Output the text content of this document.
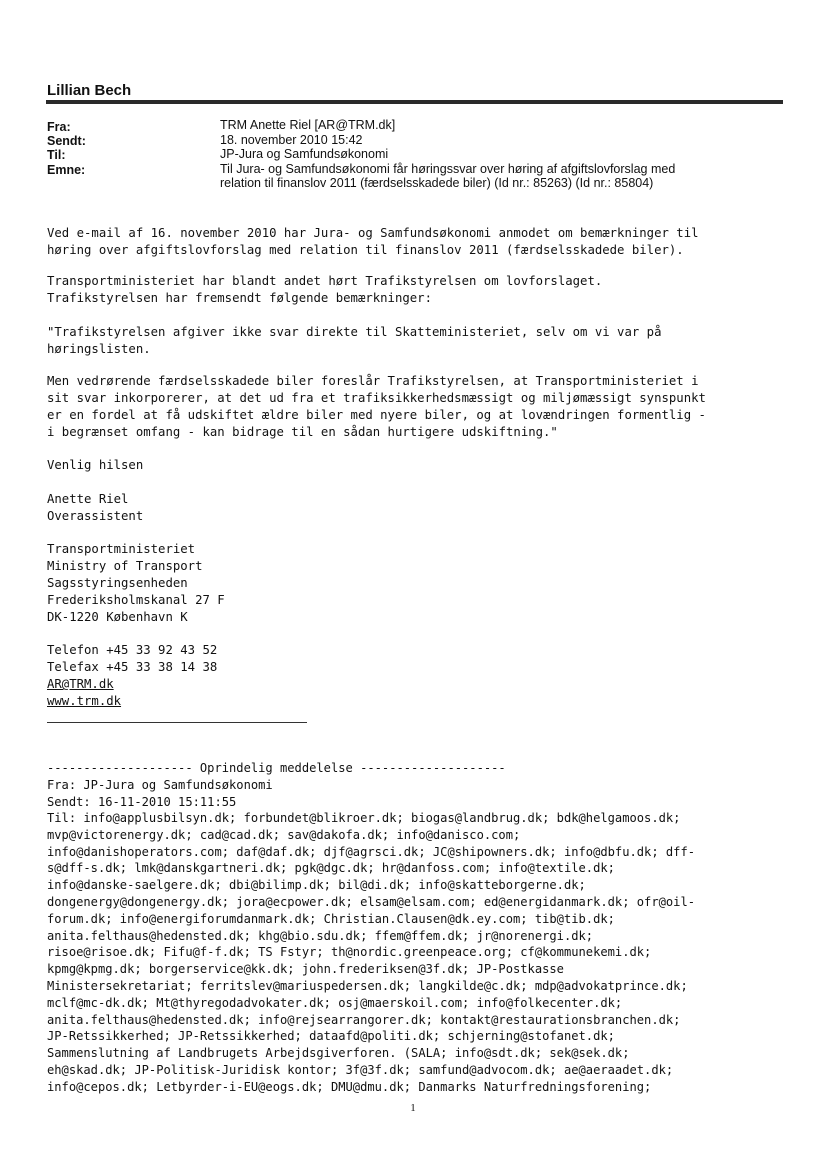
Lillian Bech
Fra:
Sendt:
Til:
Emne:
TRM Anette Riel [AR@TRM.dk]
18. november 2010 15:42
JP-Jura og Samfundsøkonomi
Til Jura- og Samfundsøkonomi får høringssvar over høring af afgiftslovforslag med
relation til finanslov 2011 (færdselsskadede biler) (Id nr.: 85263) (Id nr.: 85804)
Ved e-mail af 16. november 2010 har Jura- og Samfundsøkonomi anmodet om bemærkninger til
høring over afgiftslovforslag med relation til finanslov 2011 (færdselsskadede biler).
Transportministeriet har blandt andet hørt Trafikstyrelsen om lovforslaget.
Trafikstyrelsen har fremsendt følgende bemærkninger:
"Trafikstyrelsen afgiver ikke svar direkte til Skatteministeriet, selv om vi var på
høringslisten.
Men vedrørende færdselsskadede biler foreslår Trafikstyrelsen, at Transportministeriet i
sit svar inkorporerer, at det ud fra et trafiksikkerhedsmæssigt og miljømæssigt synspunkt
er en fordel at få udskiftet ældre biler med nyere biler, og at lovændringen formentlig -
i begrænset omfang - kan bidrage til en sådan hurtigere udskiftning."
Venlig hilsen
Anette Riel
Overassistent
Transportministeriet
Ministry of Transport
Sagsstyringsenheden
Frederiksholmskanal 27 F
DK-1220 København K
Telefon +45 33 92 43 52
Telefax +45 33 38 14 38
AR@TRM.dk
www.trm.dk
-------------------- Oprindelig meddelelse --------------------
Fra: JP-Jura og Samfundsøkonomi
Sendt: 16-11-2010 15:11:55
Til: info@applusbilsyn.dk; forbundet@blikroer.dk; biogas@landbrug.dk; bdk@helgamoos.dk;
mvp@victorenergy.dk; cad@cad.dk; sav@dakofa.dk; info@danisco.com;
info@danishoperators.com; daf@daf.dk; djf@agrsci.dk; JC@shipowners.dk; info@dbfu.dk; dff-
s@dff-s.dk; lmk@danskgartneri.dk; pgk@dgc.dk; hr@danfoss.com; info@textile.dk;
info@danske-saelgere.dk; dbi@bilimp.dk; bil@di.dk; info@skatteborgerne.dk;
dongenergy@dongenergy.dk; jora@ecpower.dk; elsam@elsam.com; ed@energidanmark.dk; ofr@oil-
forum.dk; info@energiforumdanmark.dk; Christian.Clausen@dk.ey.com; tib@tib.dk;
anita.felthaus@hedensted.dk; khg@bio.sdu.dk; ffem@ffem.dk; jr@norenergi.dk;
risoe@risoe.dk; Fifu@f-f.dk; TS Fstyr; th@nordic.greenpeace.org; cf@kommunekemi.dk;
kpmg@kpmg.dk; borgerservice@kk.dk; john.frederiksen@3f.dk; JP-Postkasse
Ministersekretariat; ferritslev@mariuspedersen.dk; langkilde@c.dk; mdp@advokatprince.dk;
mclf@mc-dk.dk; Mt@thyregodadvokater.dk; osj@maerskoil.com; info@folkecenter.dk;
anita.felthaus@hedensted.dk; info@rejsearrangorer.dk; kontakt@restaurationsbranchen.dk;
JP-Retssikkerhed; JP-Retssikkerhed; dataafd@politi.dk; schjerning@stofanet.dk;
Sammenslutning af Landbrugets Arbejdsgiverforen. (SALA; info@sdt.dk; sek@sek.dk;
eh@skad.dk; JP-Politisk-Juridisk kontor; 3f@3f.dk; samfund@advocom.dk; ae@aeraadet.dk;
info@cepos.dk; Letbyrder-i-EU@eogs.dk; DMU@dmu.dk; Danmarks Naturfredningsforening;
1
